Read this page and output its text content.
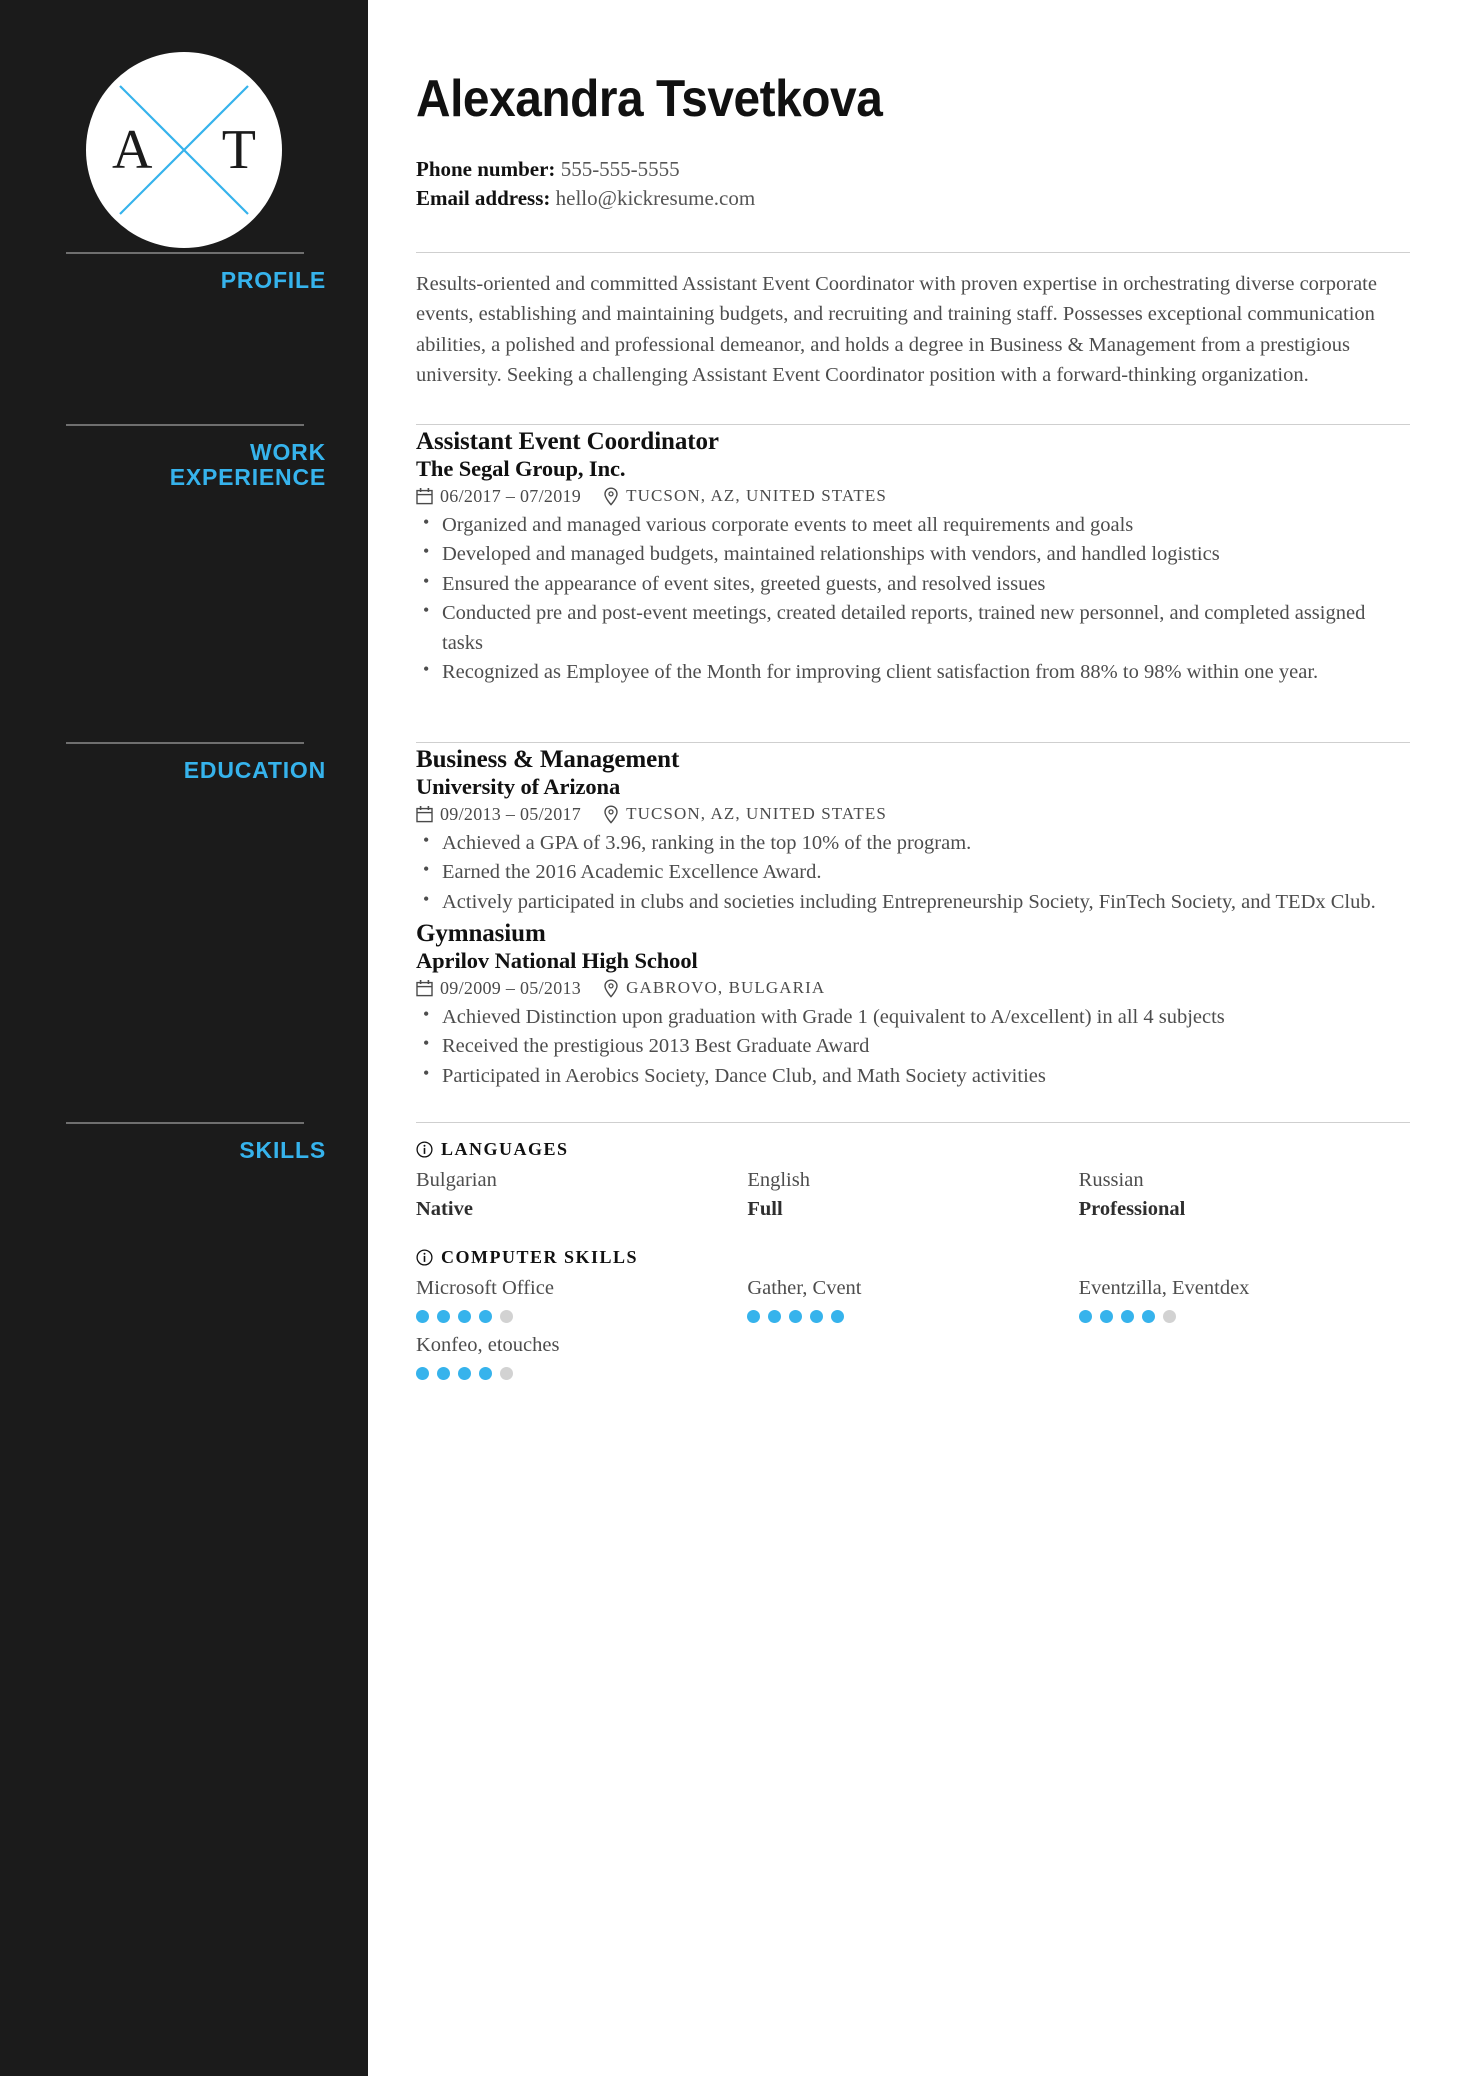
A T
PROFILE
WORK
EXPERIENCE
EDUCATION
SKILLS
Alexandra Tsvetkova
Phone number: 555-555-5555
Email address: hello@kickresume.com
Results-oriented and committed Assistant Event Coordinator with proven expertise in orchestrating diverse corporate events, establishing and maintaining budgets, and recruiting and training staff. Possesses exceptional communication abilities, a polished and professional demeanor, and holds a degree in Business & Management from a prestigious university. Seeking a challenging Assistant Event Coordinator position with a forward-thinking organization.
Assistant Event Coordinator
The Segal Group, Inc.
06/2017 – 07/2019	TUCSON, AZ, UNITED STATES
• Organized and managed various corporate events to meet all requirements and goals
• Developed and managed budgets, maintained relationships with vendors, and handled logistics
• Ensured the appearance of event sites, greeted guests, and resolved issues
• Conducted pre and post-event meetings, created detailed reports, trained new personnel, and completed assigned tasks
• Recognized as Employee of the Month for improving client satisfaction from 88% to 98% within one year.
Business & Management
University of Arizona
09/2013 – 05/2017	TUCSON, AZ, UNITED STATES
• Achieved a GPA of 3.96, ranking in the top 10% of the program.
• Earned the 2016 Academic Excellence Award.
• Actively participated in clubs and societies including Entrepreneurship Society, FinTech Society, and TEDx Club.
Gymnasium
Aprilov National High School
09/2009 – 05/2013	GABROVO, BULGARIA
• Achieved Distinction upon graduation with Grade 1 (equivalent to A/excellent) in all 4 subjects
• Received the prestigious 2013 Best Graduate Award
• Participated in Aerobics Society, Dance Club, and Math Society activities
LANGUAGES
Bulgarian
Native
English
Full
Russian
Professional
COMPUTER SKILLS
Microsoft Office	Gather, Cvent	Eventzilla, Eventdex
Konfeo, etouches
